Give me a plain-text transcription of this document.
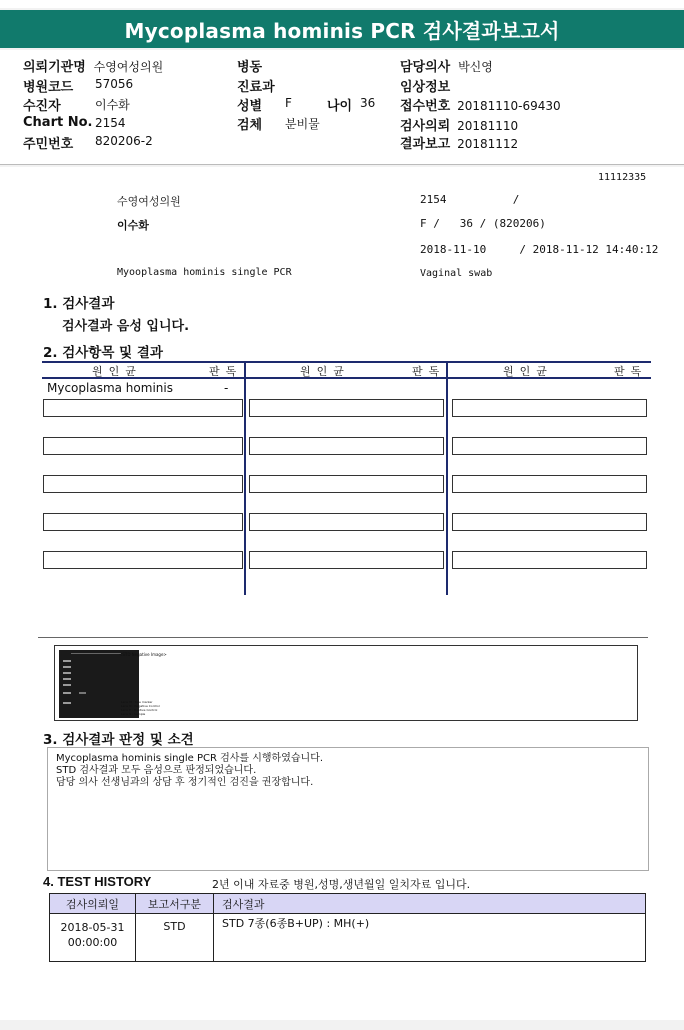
Mycoplasma hominis PCR 검사결과보고서
의뢰기관명 수영여성의원
병원코드 57056
수진자	이수화
Chart No. 2154
주민번호 820206-2
병동
진료과
성별 F	나이 36
검체 분비물
담당의사 박신영
임상정보
접수번호 20181110-69430
검사의뢰 20181110
결과보고 20181112
11112335
수영여성의원
이수화
Myooplasma hominis single PCR
2154          /
F /   36 / (820206)
2018-11-10     / 2018-11-12 14:40:12
Vaginal swab
1. 검사결과
검사결과 음성 입니다.
2. 검사항목 및 결과
원인균	판독	원인균	판독	원인균	판독
Mycoplasma hominis	-
<STD Negative Image>
Lane M : Size marker
Lane N : Negative Control
Lane P : Positive Control
Lane S : Sample
3. 검사결과 판정 및 소견
Mycoplasma hominis single PCR 검사를 시행하였습니다.
STD 검사결과 모두 음성으로 판정되었습니다.
담당 의사 선생님과의 상담 후 정기적인 검진을 권장합니다.
4. TEST HISTORY	2년 이내 자료중 병원,성명,생년월일 일치자료 입니다.
검사의뢰일	보고서구분	검사결과

2018-05-31
00:00:00	STD	STD 7종(6종B+UP) : MH(+)
